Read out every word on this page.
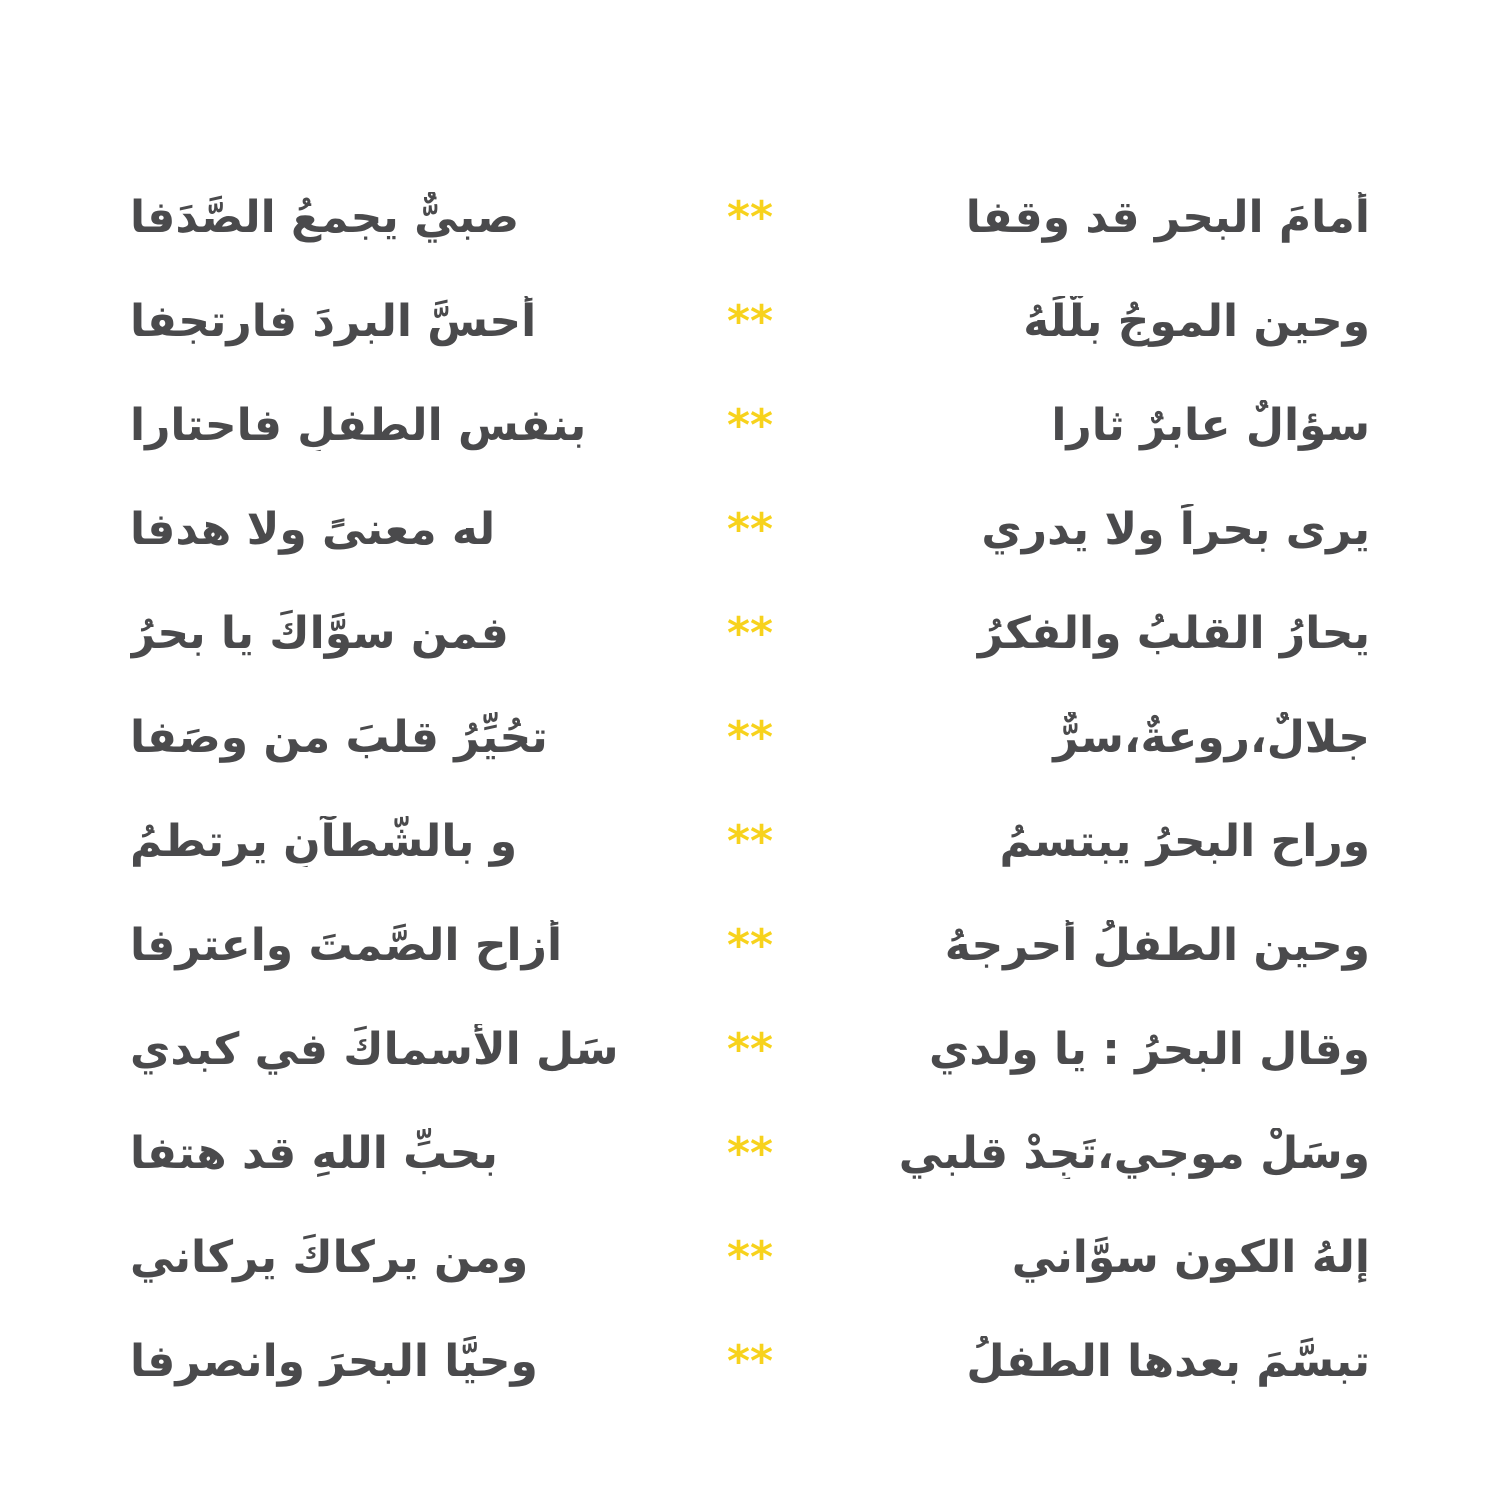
أمامَ البحر قد وقفا
**
صبيٌّ يجمعُ الصَّدَفا
وحين الموجُ بلَّلَهُ
**
أحسَّ البردَ فارتجفا
سؤالٌ عابرٌ ثارا
**
بنفس الطفلِ فاحتارا
يرى بحراً ولا يدري
**
له معنىً ولا هدفا
يحارُ القلبُ والفكرُ
**
فمن سوَّاكَ يا بحرُ
جلالٌ،روعةٌ،سرٌّ
**
تحُيِّرُ قلبَ من وصَفا
وراح البحرُ يبتسمُ
**
و بالشُّطآنِ يرتطمُ
وحين الطفلُ أحرجهُ
**
أزاح الصَّمتَ واعترفا
وقال البحرُ : يا ولدي
**
سَل الأسماكَ في كبدي
وسَلْ موجي،تَجِدْ قلبي
**
بحبِّ اللهِ قد هتفا
إلهُ الكون سوَّاني
**
ومن يركاكَ يركاني
تبسَّمَ بعدها الطفلُ
**
وحيَّا البحرَ وانصرفا
